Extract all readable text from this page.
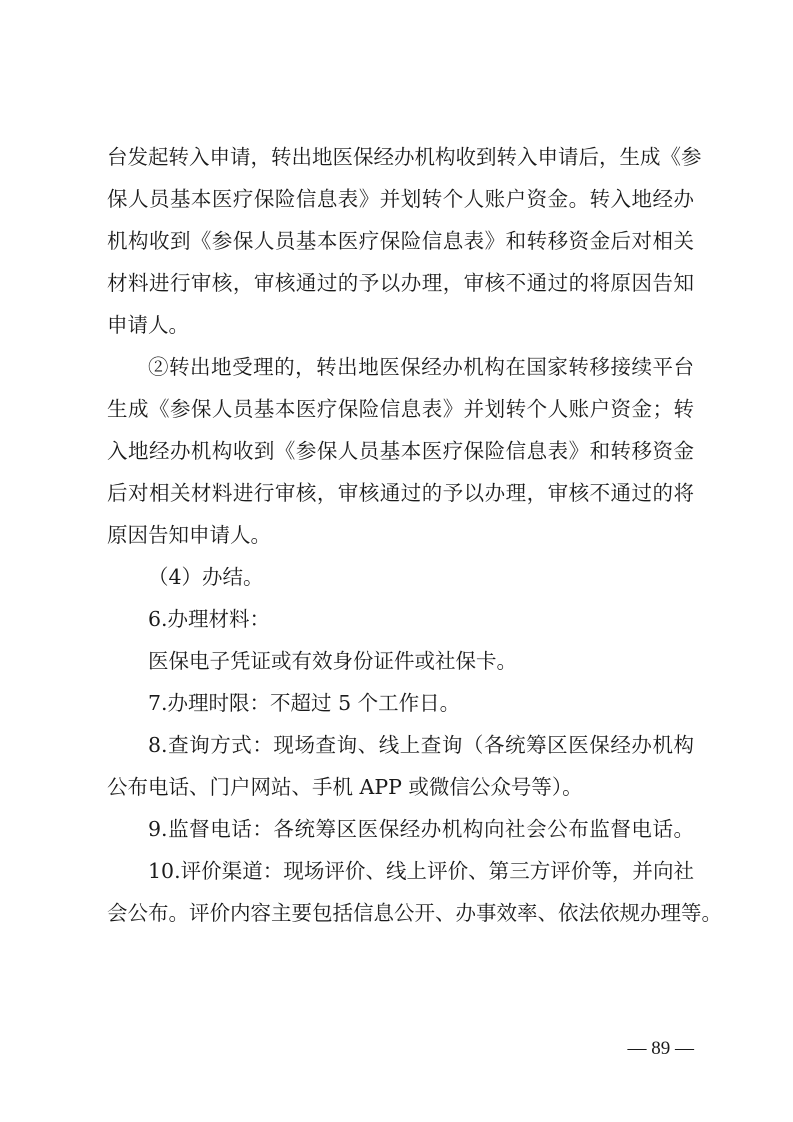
台发起转入申请，转出地医保经办机构收到转入申请后，生成《参
保人员基本医疗保险信息表》并划转个人账户资金。转入地经办
机构收到《参保人员基本医疗保险信息表》和转移资金后对相关
材料进行审核，审核通过的予以办理，审核不通过的将原因告知
申请人。
②转出地受理的，转出地医保经办机构在国家转移接续平台
生成《参保人员基本医疗保险信息表》并划转个人账户资金；转
入地经办机构收到《参保人员基本医疗保险信息表》和转移资金
后对相关材料进行审核，审核通过的予以办理，审核不通过的将
原因告知申请人。
（4）办结。
6.办理材料：
医保电子凭证或有效身份证件或社保卡。
7.办理时限：不超过 5 个工作日。
8.查询方式：现场查询、线上查询（各统筹区医保经办机构
公布电话、门户网站、手机 APP 或微信公众号等）。
9.监督电话：各统筹区医保经办机构向社会公布监督电话。
10.评价渠道：现场评价、线上评价、第三方评价等，并向社
会公布。评价内容主要包括信息公开、办事效率、依法依规办理等。
— 89 —
